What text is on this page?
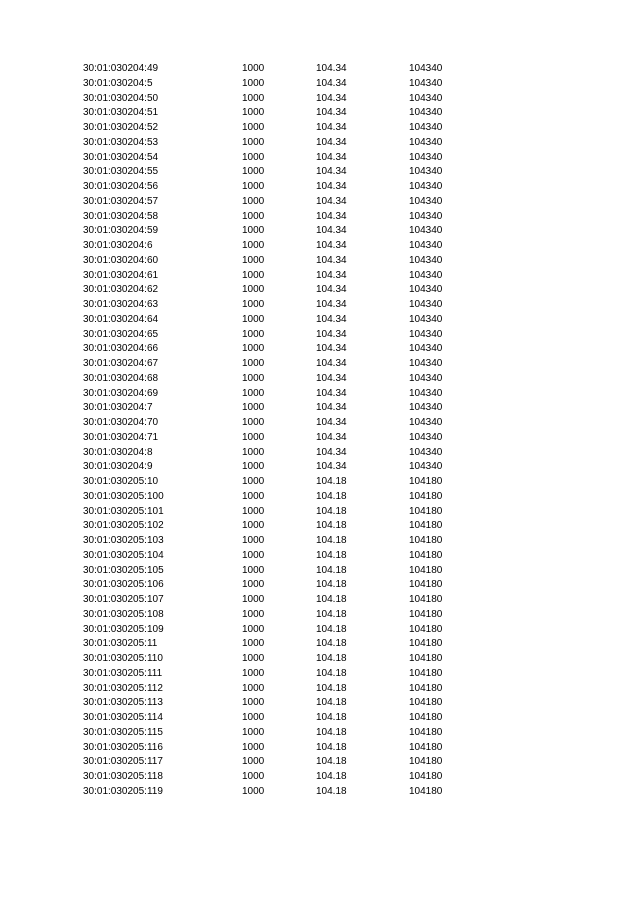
30:01:030204:49	1000	104.34	104340
30:01:030204:5	1000	104.34	104340
30:01:030204:50	1000	104.34	104340
30:01:030204:51	1000	104.34	104340
30:01:030204:52	1000	104.34	104340
30:01:030204:53	1000	104.34	104340
30:01:030204:54	1000	104.34	104340
30:01:030204:55	1000	104.34	104340
30:01:030204:56	1000	104.34	104340
30:01:030204:57	1000	104.34	104340
30:01:030204:58	1000	104.34	104340
30:01:030204:59	1000	104.34	104340
30:01:030204:6	1000	104.34	104340
30:01:030204:60	1000	104.34	104340
30:01:030204:61	1000	104.34	104340
30:01:030204:62	1000	104.34	104340
30:01:030204:63	1000	104.34	104340
30:01:030204:64	1000	104.34	104340
30:01:030204:65	1000	104.34	104340
30:01:030204:66	1000	104.34	104340
30:01:030204:67	1000	104.34	104340
30:01:030204:68	1000	104.34	104340
30:01:030204:69	1000	104.34	104340
30:01:030204:7	1000	104.34	104340
30:01:030204:70	1000	104.34	104340
30:01:030204:71	1000	104.34	104340
30:01:030204:8	1000	104.34	104340
30:01:030204:9	1000	104.34	104340
30:01:030205:10	1000	104.18	104180
30:01:030205:100	1000	104.18	104180
30:01:030205:101	1000	104.18	104180
30:01:030205:102	1000	104.18	104180
30:01:030205:103	1000	104.18	104180
30:01:030205:104	1000	104.18	104180
30:01:030205:105	1000	104.18	104180
30:01:030205:106	1000	104.18	104180
30:01:030205:107	1000	104.18	104180
30:01:030205:108	1000	104.18	104180
30:01:030205:109	1000	104.18	104180
30:01:030205:11	1000	104.18	104180
30:01:030205:110	1000	104.18	104180
30:01:030205:111	1000	104.18	104180
30:01:030205:112	1000	104.18	104180
30:01:030205:113	1000	104.18	104180
30:01:030205:114	1000	104.18	104180
30:01:030205:115	1000	104.18	104180
30:01:030205:116	1000	104.18	104180
30:01:030205:117	1000	104.18	104180
30:01:030205:118	1000	104.18	104180
30:01:030205:119	1000	104.18	104180
